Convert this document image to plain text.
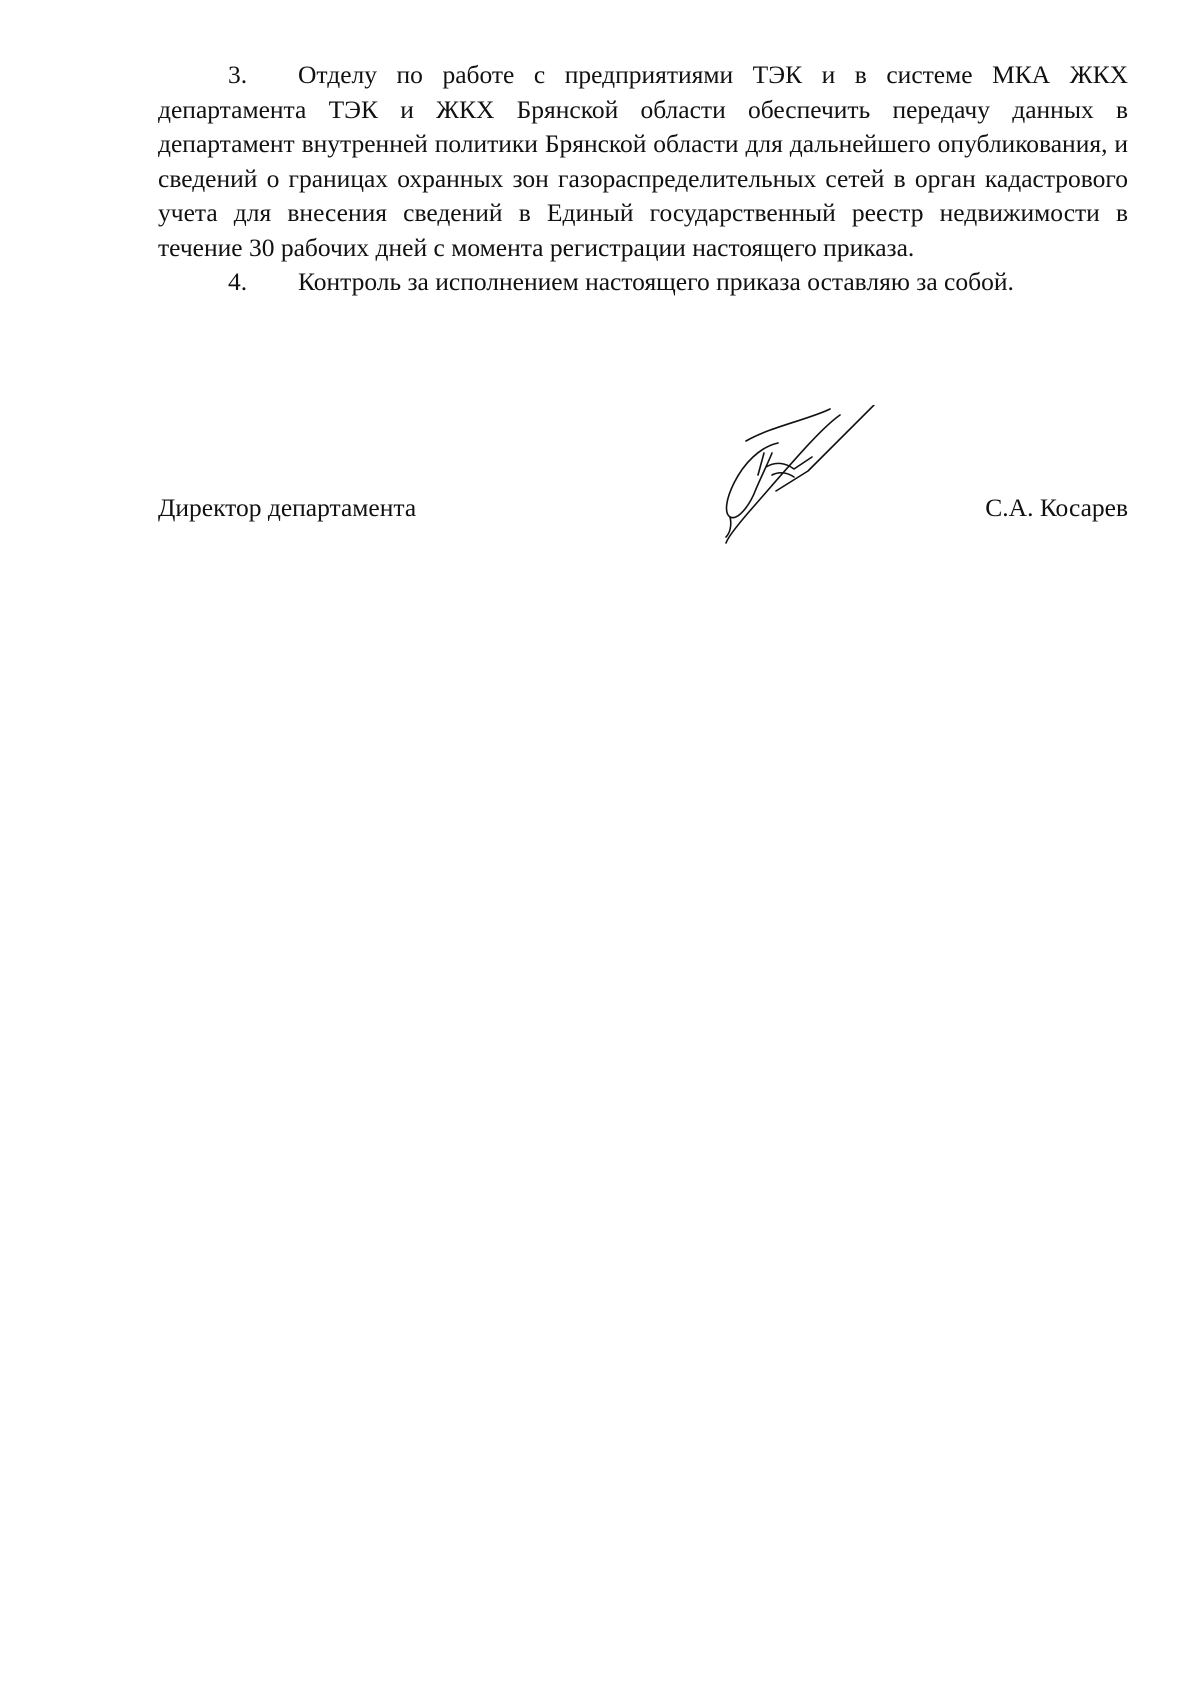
3. Отделу по работе с предприятиями ТЭК и в системе МКА ЖКХ департамента ТЭК и ЖКХ Брянской области обеспечить передачу данных в департамент внутренней политики Брянской области для дальнейшего опубликования, и сведений о границах охранных зон газораспределительных сетей в орган кадастрового учета для внесения сведений в Единый государственный реестр недвижимости в течение 30 рабочих дней с момента регистрации настоящего приказа.

4. Контроль за исполнением настоящего приказа оставляю за собой.

Директор департамента	С.А. Косарев
